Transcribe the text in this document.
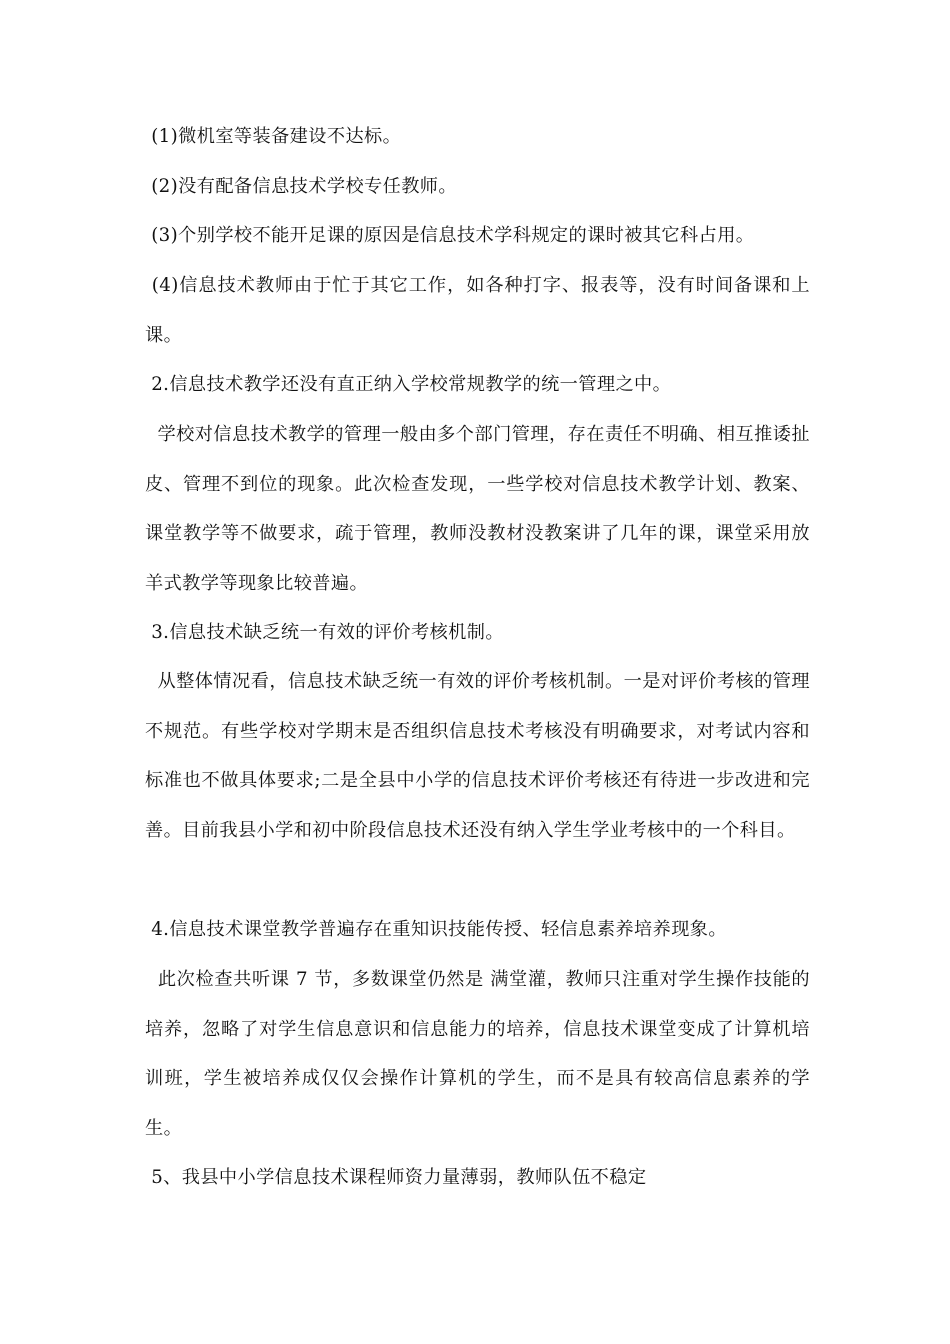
(1)微机室等装备建设不达标。

(2)没有配备信息技术学校专任教师。

(3)个别学校不能开足课的原因是信息技术学科规定的课时被其它科占用。

(4)信息技术教师由于忙于其它工作，如各种打字、报表等，没有时间备课和上课。

2.信息技术教学还没有直正纳入学校常规教学的统一管理之中。

学校对信息技术教学的管理一般由多个部门管理，存在责任不明确、相互推诿扯皮、管理不到位的现象。此次检查发现，一些学校对信息技术教学计划、教案、课堂教学等不做要求，疏于管理，教师没教材没教案讲了几年的课，课堂采用放羊式教学等现象比较普遍。

3.信息技术缺乏统一有效的评价考核机制。

从整体情况看，信息技术缺乏统一有效的评价考核机制。一是对评价考核的管理不规范。有些学校对学期末是否组织信息技术考核没有明确要求，对考试内容和标准也不做具体要求;二是全县中小学的信息技术评价考核还有待进一步改进和完善。目前我县小学和初中阶段信息技术还没有纳入学生学业考核中的一个科目。

4.信息技术课堂教学普遍存在重知识技能传授、轻信息素养培养现象。

此次检查共听课 7 节，多数课堂仍然是 满堂灌，教师只注重对学生操作技能的培养，忽略了对学生信息意识和信息能力的培养，信息技术课堂变成了计算机培训班，学生被培养成仅仅会操作计算机的学生，而不是具有较高信息素养的学生。

5、我县中小学信息技术课程师资力量薄弱，教师队伍不稳定
